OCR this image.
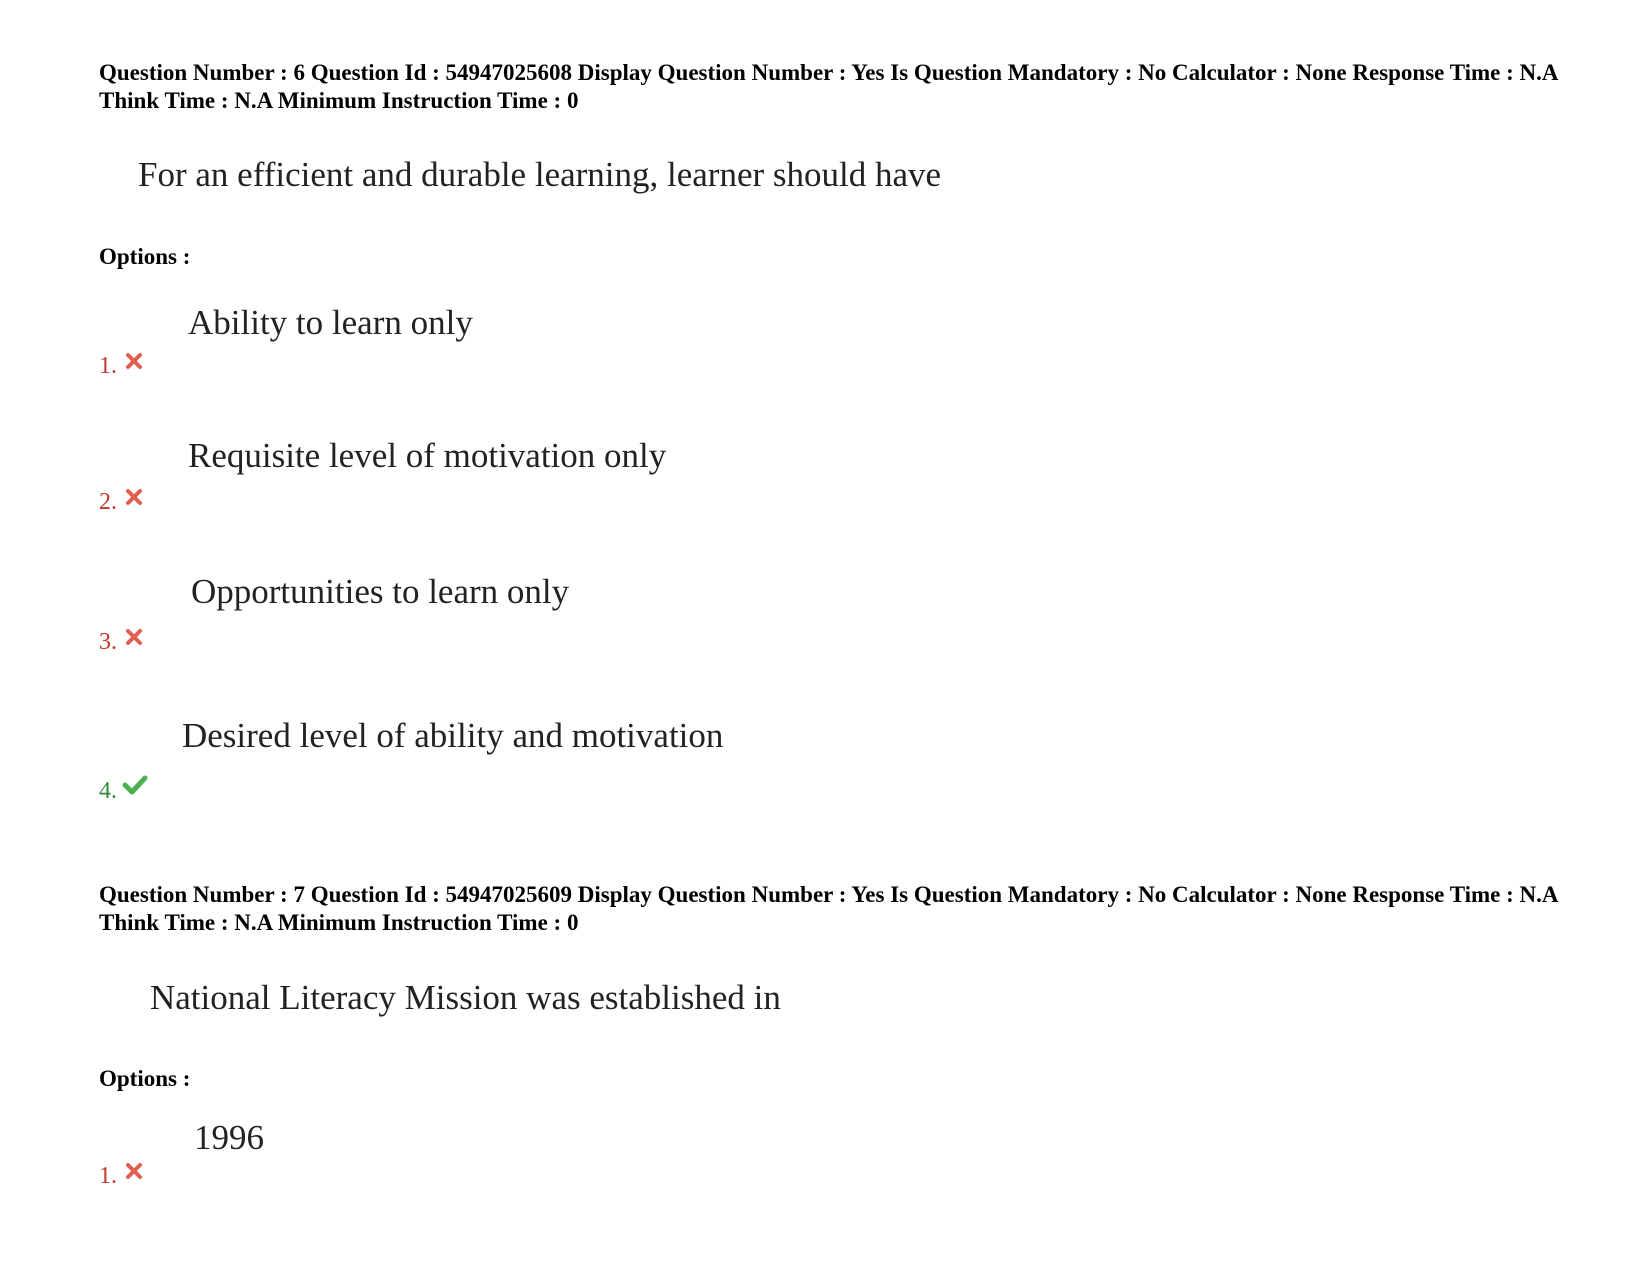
Question Number : 6 Question Id : 54947025608 Display Question Number : Yes Is Question Mandatory : No Calculator : None Response Time : N.A Think Time : N.A Minimum Instruction Time : 0
For an efficient and durable learning, learner should have
Options :
Ability to learn only
1.
Requisite level of motivation only
2.
Opportunities to learn only
3.
Desired level of ability and motivation
4.
Question Number : 7 Question Id : 54947025609 Display Question Number : Yes Is Question Mandatory : No Calculator : None Response Time : N.A Think Time : N.A Minimum Instruction Time : 0
National Literacy Mission was established in
Options :
1996
1.
